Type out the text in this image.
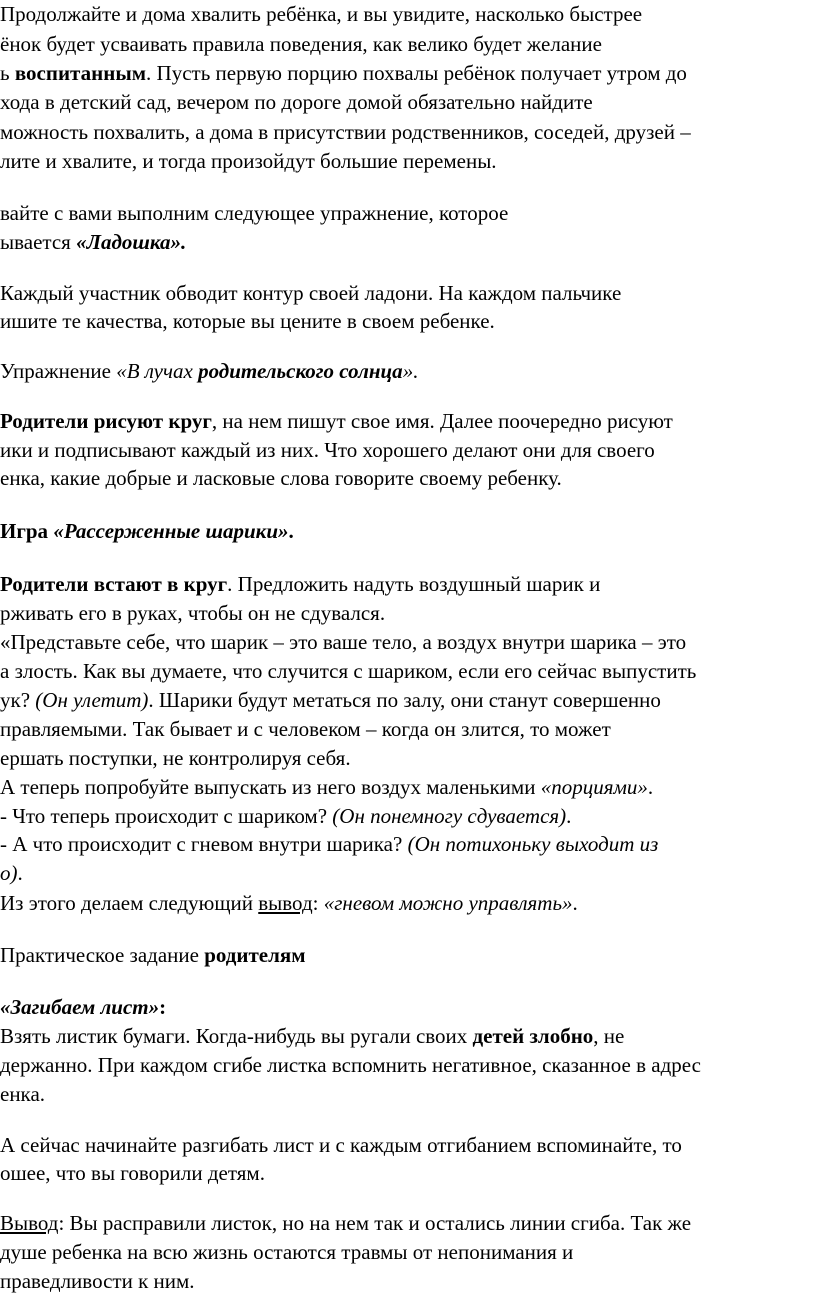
Продолжайте и дома хвалить ребёнка, и вы увидите, насколько быстрее

ёнок будет усваивать правила поведения, как велико будет желание

ь воспитанным. Пусть первую порцию похвалы ребёнок получает утром до

хода в детский сад, вечером по дороге домой обязательно найдите

можность похвалить, а дома в присутствии родственников, соседей, друзей –

лите и хвалите, и тогда произойдут большие перемены.

вайте с вами выполним следующее упражнение, которое

ывается «Ладошка».

Каждый участник обводит контур своей ладони. На каждом пальчике

ишите те качества, которые вы цените в своем ребенке.

Упражнение «В лучах родительского солнца».

Родители рисуют круг, на нем пишут свое имя. Далее поочередно рисуют

ики и подписывают каждый из них. Что хорошего делают они для своего

енка, какие добрые и ласковые слова говорите своему ребенку.

Игра «Рассерженные шарики».

Родители встают в круг. Предложить надуть воздушный шарик и

рживать его в руках, чтобы он не сдувался.

«Представьте себе, что шарик – это ваше тело, а воздух внутри шарика – это

а злость. Как вы думаете, что случится с шариком, если его сейчас выпустить

ук? (Он улетит). Шарики будут метаться по залу, они станут совершенно

правляемыми. Так бывает и с человеком – когда он злится, то может

ершать поступки, не контролируя себя.

А теперь попробуйте выпускать из него воздух маленькими «порциями».

- Что теперь происходит с шариком? (Он понемногу сдувается).

- А что происходит с гневом внутри шарика? (Он потихоньку выходит из

о).

Из этого делаем следующий вывод: «гневом можно управлять».

Практическое задание родителям

«Загибаем лист»:

Взять листик бумаги. Когда-нибудь вы ругали своих детей злобно, не

держанно. При каждом сгибе листка вспомнить негативное, сказанное в адрес

енка.

А сейчас начинайте разгибать лист и с каждым отгибанием вспоминайте, то

ошее, что вы говорили детям.

Вывод: Вы расправили листок, но на нем так и остались линии сгиба. Так же

душе ребенка на всю жизнь остаются травмы от непонимания и

праведливости к ним.
